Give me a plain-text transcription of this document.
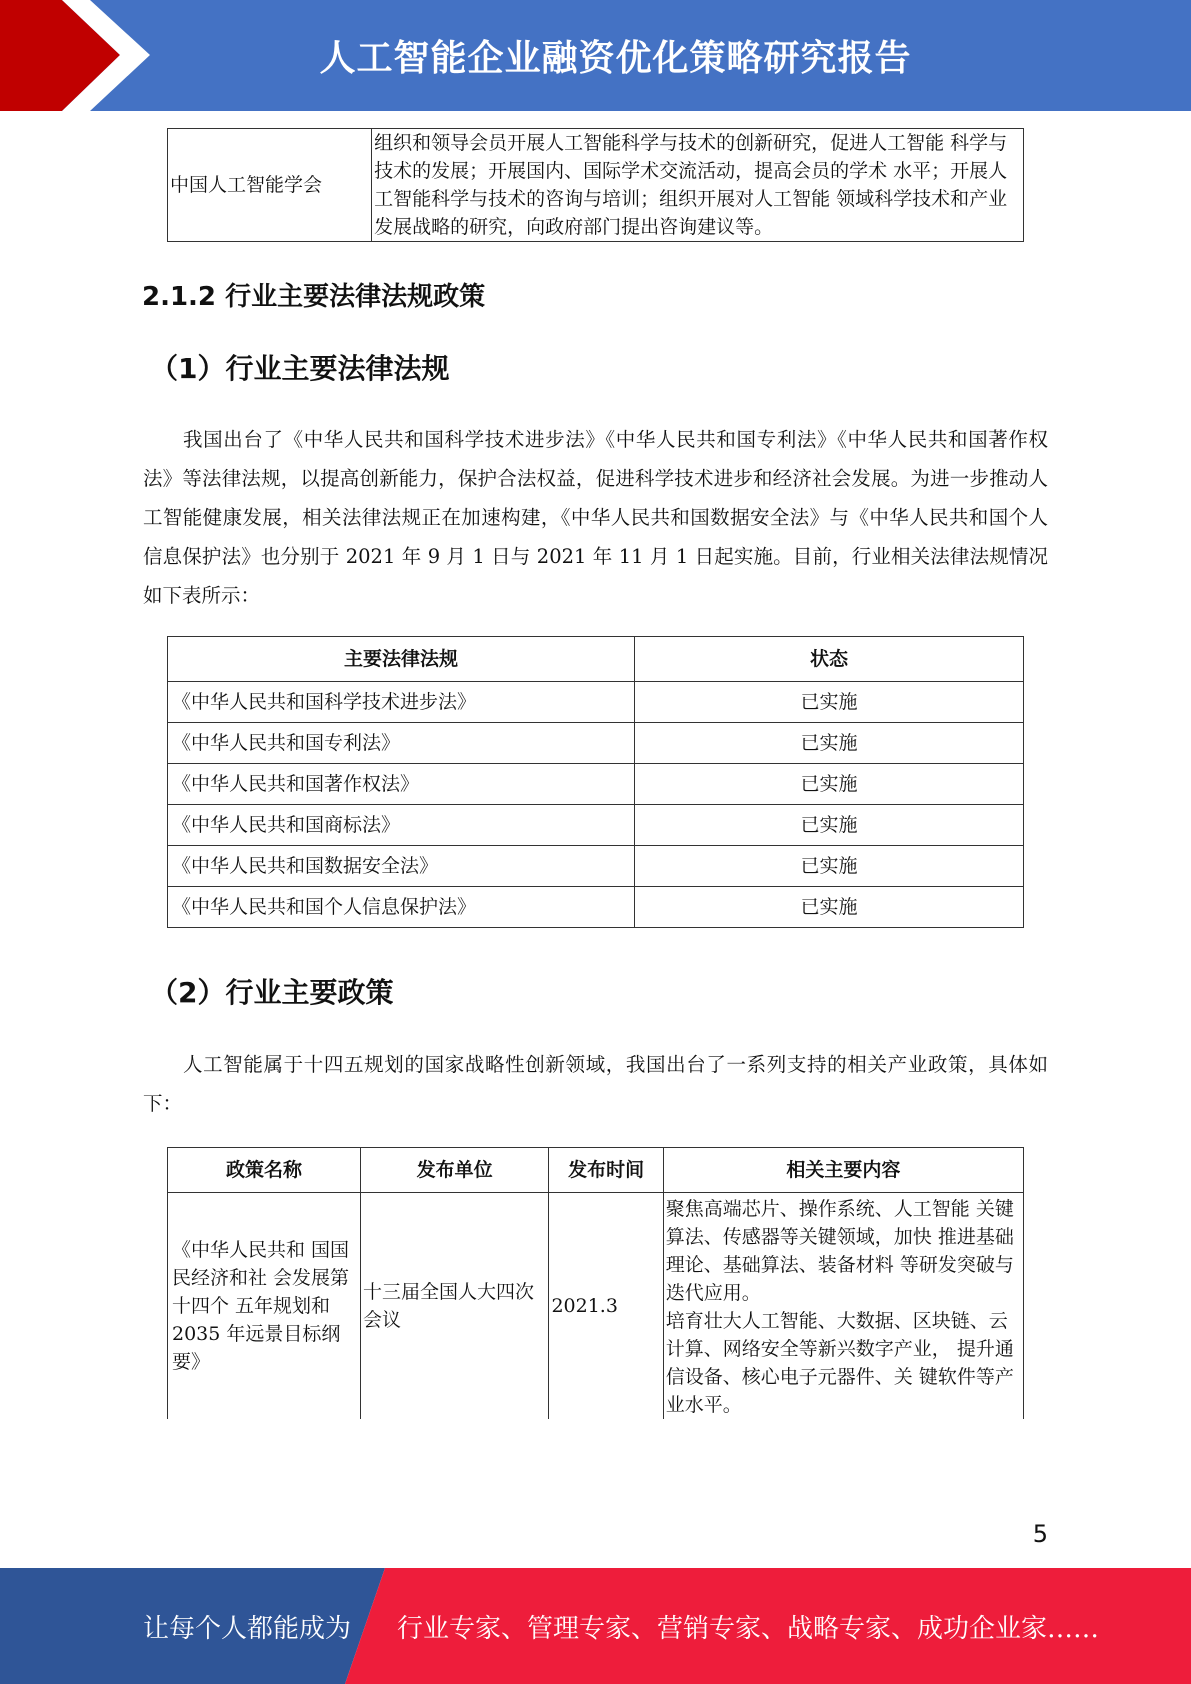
人工智能企业融资优化策略研究报告
中国人工智能学会	组织和领导会员开展人工智能科学与技术的创新研究，促进人工智能 科学与技术的发展；开展国内、国际学术交流活动，提高会员的学术 水平；开展人工智能科学与技术的咨询与培训；组织开展对人工智能 领域科学技术和产业发展战略的研究，向政府部门提出咨询建议等。
2.1.2 行业主要法律法规政策
（1）行业主要法律法规
我国出台了《中华人民共和国科学技术进步法》《中华人民共和国专利法》《中华人民共和国著作权法》等法律法规，以提高创新能力，保护合法权益，促进科学技术进步和经济社会发展。为进一步推动人工智能健康发展，相关法律法规正在加速构建，《中华人民共和国数据安全法》与《中华人民共和国个人信息保护法》也分别于 2021 年 9 月 1 日与 2021 年 11 月 1 日起实施。目前，行业相关法律法规情况如下表所示：
主要法律法规	状态
《中华人民共和国科学技术进步法》	已实施
《中华人民共和国专利法》	已实施
《中华人民共和国著作权法》	已实施
《中华人民共和国商标法》	已实施
《中华人民共和国数据安全法》	已实施
《中华人民共和国个人信息保护法》	已实施
（2）行业主要政策
人工智能属于十四五规划的国家战略性创新领域，我国出台了一系列支持的相关产业政策，具体如下：
政策名称	发布单位	发布时间	相关主要内容
《中华人民共和 国国民经济和社 会发展第十四个 五年规划和 2035 年远景目标纲要》	十三届全国人大四次会议	2021.3	聚焦高端芯片、操作系统、人工智能 关键算法、传感器等关键领域，加快 推进基础理论、基础算法、装备材料 等研发突破与迭代应用。
培育壮大人工智能、大数据、区块链、云计算、网络安全等新兴数字产业， 提升通信设备、核心电子元器件、关 键软件等产业水平。
5
让每个人都能成为 行业专家、管理专家、营销专家、战略专家、成功企业家……
